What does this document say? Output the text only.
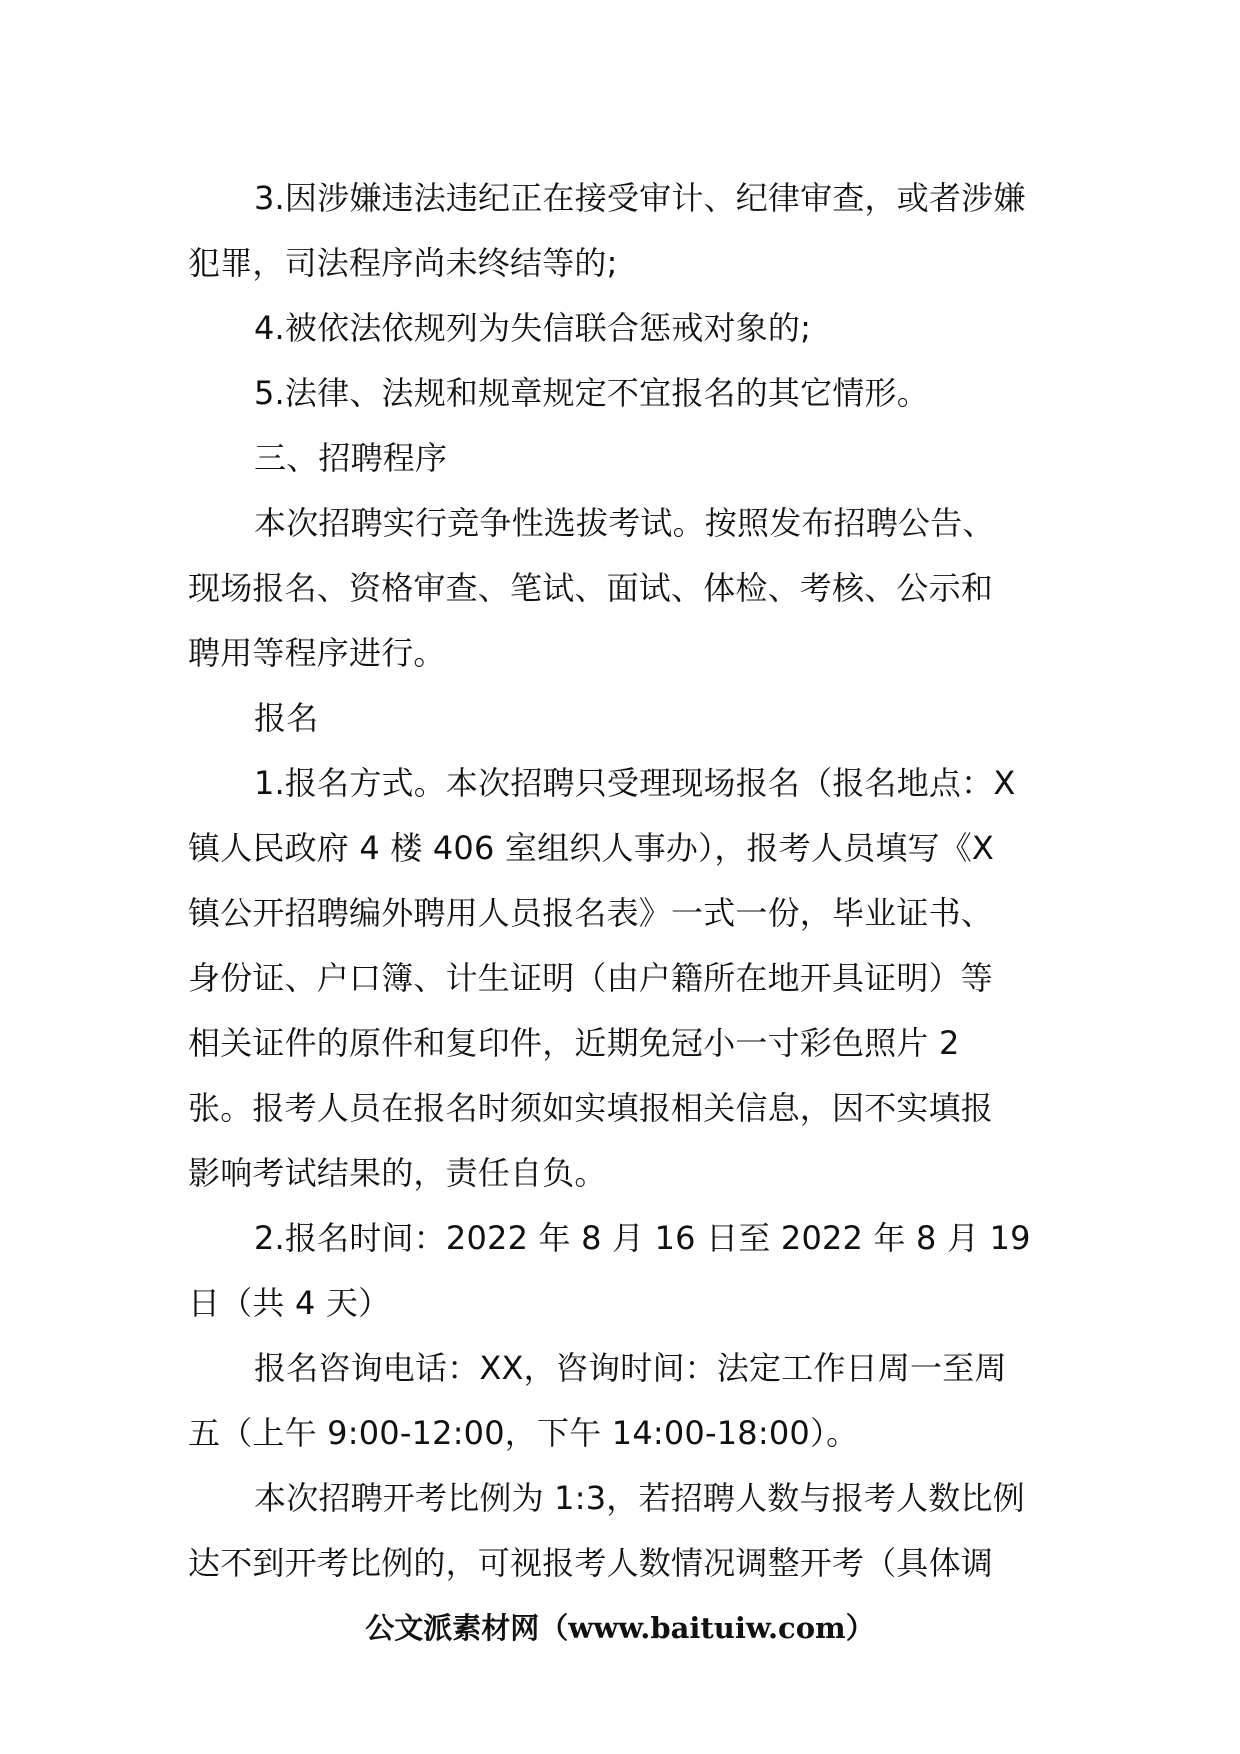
3.因涉嫌违法违纪正在接受审计、纪律审查，或者涉嫌

犯罪，司法程序尚未终结等的;

4.被依法依规列为失信联合惩戒对象的;

5.法律、法规和规章规定不宜报名的其它情形。

三、招聘程序

本次招聘实行竞争性选拔考试。按照发布招聘公告、

现场报名、资格审查、笔试、面试、体检、考核、公示和

聘用等程序进行。

报名

1.报名方式。本次招聘只受理现场报名（报名地点：X

镇人民政府 4 楼 406 室组织人事办），报考人员填写《X

镇公开招聘编外聘用人员报名表》一式一份，毕业证书、

身份证、户口簿、计生证明（由户籍所在地开具证明）等

相关证件的原件和复印件，近期免冠小一寸彩色照片 2

张。报考人员在报名时须如实填报相关信息，因不实填报

影响考试结果的，责任自负。

2.报名时间：2022 年 8 月 16 日至 2022 年 8 月 19

日（共 4 天）

报名咨询电话：XX，咨询时间：法定工作日周一至周

五（上午 9:00-12:00，下午 14:00-18:00）。

本次招聘开考比例为 1:3，若招聘人数与报考人数比例

达不到开考比例的，可视报考人数情况调整开考（具体调

公文派素材网（www.baituiw.com）
